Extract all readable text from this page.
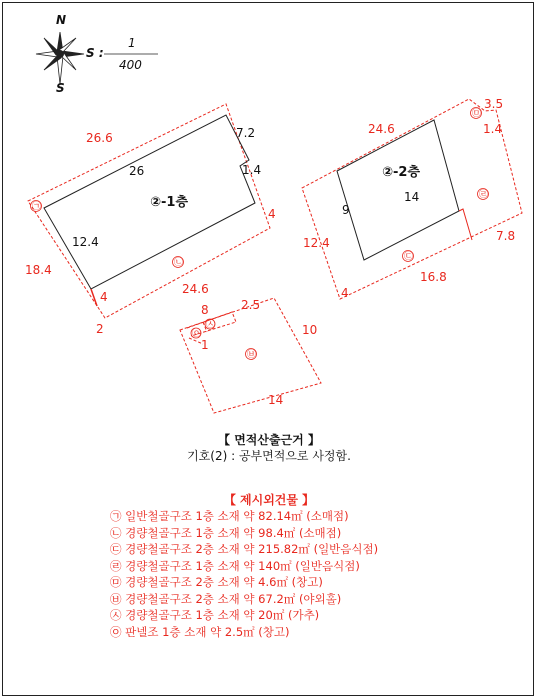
N
S
S :
1
400
㉠
㉡
②-1층
26.6
26
7.2
1.4
4
18.4
12.4
24.6
4
2
㉤
㉣
㉢
②-2층
24.6
3.5
1.4
9
14
12.4	7.8
16.8
4
㉦
㉧
㉥
8	2.5
10
14
1
【 면적산출근거 】
기호(2) : 공부면적으로 사정함.
【 제시외건물 】
㉠ 일반철골구조 1층 소재 약 82.14㎡ (소매점)
㉡ 경량철골구조 1층 소재 약 98.4㎡ (소매점)
㉢ 경량철골구조 2층 소재 약 215.82㎡ (일반음식점)
㉣ 경량철골구조 1층 소재 약 140㎡ (일반음식점)
㉤ 경량철골구조 2층 소재 약 4.6㎡ (창고)
㉥ 경량철골구조 2층 소재 약 67.2㎡ (야외홀)
㉦ 경량철골구조 1층 소재 약 20㎡ (가추)
㉧ 판넬조 1층 소재 약 2.5㎡ (창고)
